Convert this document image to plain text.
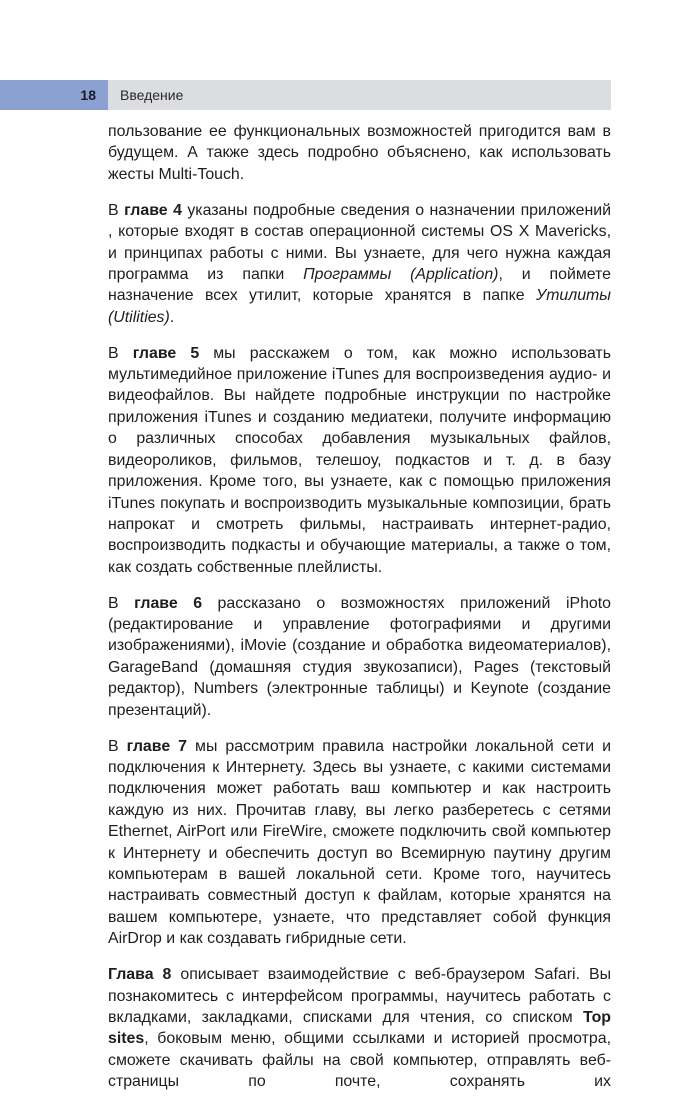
18 Введение

пользование ее функциональных возможностей пригодится вам в будущем. А также здесь подробно объяснено, как использовать жесты Multi-Touch.

В главе 4 указаны подробные сведения о назначении приложений , которые входят в состав операционной системы OS X Mavericks, и принципах работы с ними. Вы узнаете, для чего нужна каждая программа из папки Программы (Application), и поймете назначение всех утилит, которые хранятся в папке Утилиты (Utilities).

В главе 5 мы расскажем о том, как можно использовать мультимедийное приложение iTunes для воспроизведения аудио- и видеофайлов. Вы найдете подробные инструкции по настройке приложения iTunes и созданию медиатеки, получите информацию о различных способах добавления музыкальных файлов, видеороликов, фильмов, телешоу, подкастов и т. д. в базу приложения. Кроме того, вы узнаете, как с помощью приложения iTunes покупать и воспроизводить музыкальные композиции, брать напрокат и смотреть фильмы, настраивать интернет-радио, воспроизводить подкасты и обучающие материалы, а также о том, как создать собственные плейлисты.

В главе 6 рассказано о возможностях приложений iPhoto (редактирование и управление фотографиями и другими изображениями), iMovie (создание и обработка видеоматериалов), GarageBand (домашняя студия звукозаписи), Pages (текстовый редактор), Numbers (электронные таблицы) и Keynote (создание презентаций).

В главе 7 мы рассмотрим правила настройки локальной сети и подключения к Интернету. Здесь вы узнаете, с какими системами подключения может работать ваш компьютер и как настроить каждую из них. Прочитав главу, вы легко разберетесь с сетями Ethernet, AirPort или FireWire, сможете подключить свой компьютер к Интернету и обеспечить доступ во Всемирную паутину другим компьютерам в вашей локальной сети. Кроме того, научитесь настраивать совместный доступ к файлам, которые хранятся на вашем компьютере, узнаете, что представляет собой функция AirDrop и как создавать гибридные сети.

Глава 8 описывает взаимодействие с веб-браузером Safari. Вы познакомитесь с интерфейсом программы, научитесь работать с вкладками, закладками, списками для чтения, со списком Top sites, боковым меню, общими ссылками и историей просмотра, сможете скачивать файлы на свой компьютер, отправлять веб-страницы по почте, сохранять их
